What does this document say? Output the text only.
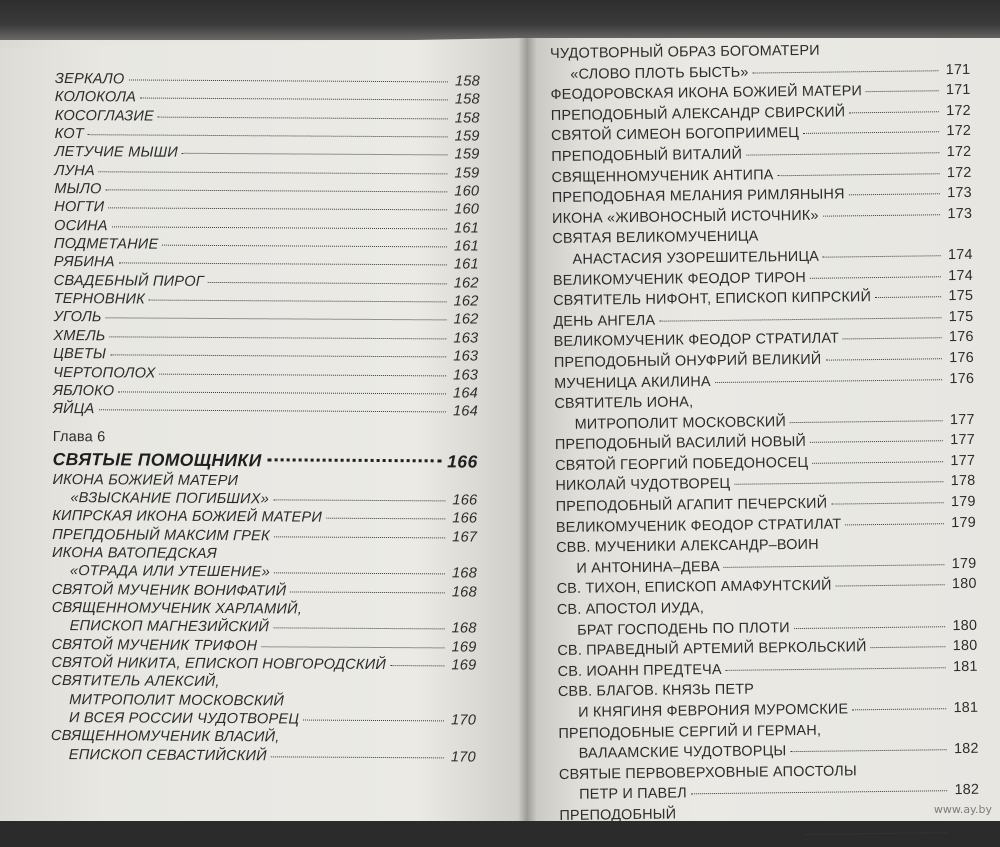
ЗЕРКАЛО	158
КОЛОКОЛА	158
КОСОГЛАЗИЕ	158
КОТ	159
ЛЕТУЧИЕ МЫШИ	159
ЛУНА	159
МЫЛО	160
НОГТИ	160
ОСИНА	161
ПОДМЕТАНИЕ	161
РЯБИНА	161
СВАДЕБНЫЙ ПИРОГ	162
ТЕРНОВНИК	162
УГОЛЬ	162
ХМЕЛЬ	163
ЦВЕТЫ	163
ЧЕРТОПОЛОХ	163
ЯБЛОКО	164
ЯЙЦА	164
Глава 6
СВЯТЫЕ ПОМОЩНИКИ	166
ИКОНА БОЖИЕЙ МАТЕРИ
«ВЗЫСКАНИЕ ПОГИБШИХ»	166
КИПРСКАЯ ИКОНА БОЖИЕЙ МАТЕРИ	166
ПРЕПДОБНЫЙ МАКСИМ ГРЕК	167
ИКОНА ВАТОПЕДСКАЯ
«ОТРАДА ИЛИ УТЕШЕНИЕ»	168
СВЯТОЙ МУЧЕНИК ВОНИФАТИЙ	168
СВЯЩЕННОМУЧЕНИК ХАРЛАМИЙ,
ЕПИСКОП МАГНЕЗИЙСКИЙ	168
СВЯТОЙ МУЧЕНИК ТРИФОН	169
СВЯТОЙ НИКИТА, ЕПИСКОП НОВГОРОДСКИЙ	169
СВЯТИТЕЛЬ АЛЕКСИЙ,
МИТРОПОЛИТ МОСКОВСКИЙ
И ВСЕЯ РОССИИ ЧУДОТВОРЕЦ	170
СВЯЩЕННОМУЧЕНИК ВЛАСИЙ,
ЕПИСКОП СЕВАСТИЙСКИЙ	170
ЧУДОТВОРНЫЙ ОБРАЗ БОГОМАТЕРИ
«СЛОВО ПЛОТЬ БЫСТЬ»	171
ФЕОДОРОВСКАЯ ИКОНА БОЖИЕЙ МАТЕРИ	171
ПРЕПОДОБНЫЙ АЛЕКСАНДР СВИРСКИЙ	172
СВЯТОЙ СИМЕОН БОГОПРИИМЕЦ	172
ПРЕПОДОБНЫЙ ВИТАЛИЙ	172
СВЯЩЕННОМУЧЕНИК АНТИПА	172
ПРЕПОДОБНАЯ МЕЛАНИЯ РИМЛЯНЫНЯ	173
ИКОНА «ЖИВОНОСНЫЙ ИСТОЧНИК»	173
СВЯТАЯ ВЕЛИКОМУЧЕНИЦА
АНАСТАСИЯ УЗОРЕШИТЕЛЬНИЦА	174
ВЕЛИКОМУЧЕНИК ФЕОДОР ТИРОН	174
СВЯТИТЕЛЬ НИФОНТ, ЕПИСКОП КИПРСКИЙ	175
ДЕНЬ АНГЕЛА	175
ВЕЛИКОМУЧЕНИК ФЕОДОР СТРАТИЛАТ	176
ПРЕПОДОБНЫЙ ОНУФРИЙ ВЕЛИКИЙ	176
МУЧЕНИЦА АКИЛИНА	176
СВЯТИТЕЛЬ ИОНА,
МИТРОПОЛИТ МОСКОВСКИЙ	177
ПРЕПОДОБНЫЙ ВАСИЛИЙ НОВЫЙ	177
СВЯТОЙ ГЕОРГИЙ ПОБЕДОНОСЕЦ	177
НИКОЛАЙ ЧУДОТВОРЕЦ	178
ПРЕПОДОБНЫЙ АГАПИТ ПЕЧЕРСКИЙ	179
ВЕЛИКОМУЧЕНИК ФЕОДОР СТРАТИЛАТ	179
СВВ. МУЧЕНИКИ АЛЕКСАНДР–ВОИН
И АНТОНИНА–ДЕВА	179
СВ. ТИХОН, ЕПИСКОП АМАФУНТСКИЙ	180
СВ. АПОСТОЛ ИУДА,
БРАТ ГОСПОДЕНЬ ПО ПЛОТИ	180
СВ. ПРАВЕДНЫЙ АРТЕМИЙ ВЕРКОЛЬСКИЙ	180
СВ. ИОАНН ПРЕДТЕЧА	181
СВВ. БЛАГОВ. КНЯЗЬ ПЕТР
И КНЯГИНЯ ФЕВРОНИЯ МУРОМСКИЕ	181
ПРЕПОДОБНЫЕ СЕРГИЙ И ГЕРМАН,
ВАЛААМСКИЕ ЧУДОТВОРЦЫ	182
СВЯТЫЕ ПЕРВОВЕРХОВНЫЕ АПОСТОЛЫ
ПЕТР И ПАВЕЛ	182
ПРЕПОДОБНЫЙ
ИОАНН МНОГОСТРАДАЛЬНЫЙ	183
www.ay.by
